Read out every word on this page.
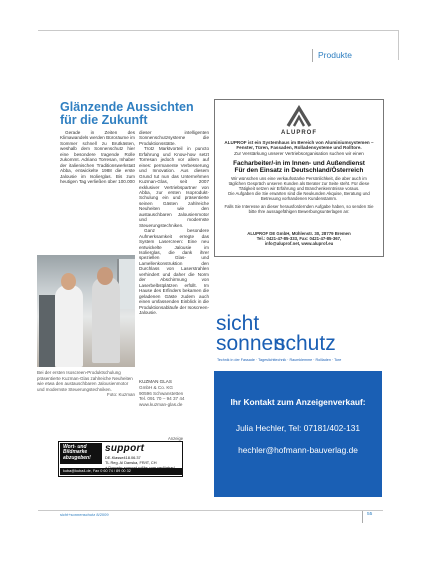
Produkte
Glänzende Aussichten
für die Zukunft
Gerade in Zeiten des Klimawandels werden Büroräume im Sommer schnell zu Brutkästen, weshalb dem Sonnenschutz hier eine besondere tragende Rolle zukommt. Adriano Torresan, Inhaber der italienischen Traditionswerkstatt Abba, entwickelte 1988 die erste Jalousie im Isolierglas. Bis zum heutigen Tag verließen über 100.000
dieser intelligenten Sonnenschutzsysteme die Produktionsstätte.
Trotz Marktvorteil in puncto Erfahrung und Know-how setzt Torresan jedoch vor allem auf eines: permanente Verbesserung und Innovation. Aus diesem Grund tut nun das Unternehmen Kuzman-Glas, seit 2007 exklusiver Vertriebspartner von Abba, zur ersten Isoprodukt-Schulung ein und präsentierte seinen Gästen zahlreiche Neuheiten wie den austauschbaren Jalousienmotor und modernste Steuerungstechniken.
Ganz besondere Aufmerksamkeit erregte das System Lasercreen: Eine neu entwickelte Jalousie im Isolierglas, die dank ihrer speziellen Glas- und Lamellenkonstruktion den Durchlass von Laserstrahlen verhindert und daher die Norm der Abschirmung von Laserbelbstplätzen erfüllt. Im Hause des Erfinders bekamen die geladenen Gäste zudem auch einen umfassenden Einblick in die Produktionsabläufe der Isoscreen-Jalousie.
Bei der ersten Isoscreen-Produktschulung präsentierte Kuzman-Glas zahlreiche Neuheiten wie etwa den austauschbaren Jalousienmotor und modernste Steuerungstechniken.
Foto: Kuzman
KUZMAN GLAS
GmbH & Co. KG
90596 Schwanstetten
Tel. 091 70 – 94 37 44
www.kuzman-glas.de
Anzeige
Wort- und
Bildmarke
abzugeben!
support
DE-Klasse418.06.37
TL Reg. Al Danska, FR/IT, CH
kuba@kuba4.de, Fax 0 60 74 / 89 00 32
ALUPROF
ALUPROF ist ein Systemhaus im Bereich von Aluminiumsystemen – Fenster, Türen, Fassaden, Rolladensysteme und Rolltore.
Zur Verstärkung unserer Vertriebsorganisation suchen wir einen
Facharbeiter/-in im Innen- und Außendienst
Für den Einsatz in Deutschland/Österreich
Wir wünschen uns eine verkaufsstarke Persönlichkeit, die aber auch im täglichen Gespräch unseren Kunden als Berater zur Seite steht. Für diese Tätigkeit setzen wir Erfahrung und Branchenkenntnisse voraus.
Die Aufgaben die Sie erwarten sind die Neukunden Akquise, Beratung und Betreuung vorhandenen Kundenstamm.
Falls Sie Interesse an dieser herausfordernden Aufgabe haben, so senden Sie bitte Ihre aussagefähigen Bewerbungsunterlagen an:
ALUPROF DE GmbH, Mühlenstr. 30, 28779 Bremen
Tel.: 0421-47-85-333, Fax: 0421-47-85-367,
info@aluprof.net, www.aluprof.eu
sicht
sonnen
schutz
Technik in der Fassade · Tageslichttechnik · Raumklemme · Rollladen · Tore
Ihr Kontakt zum Anzeigenverkauf:
Julia Hechler, Tel: 07181/402-131
hechler@hofmann-bauverlag.de
sicht+sonnenschutz 8/2009	55
